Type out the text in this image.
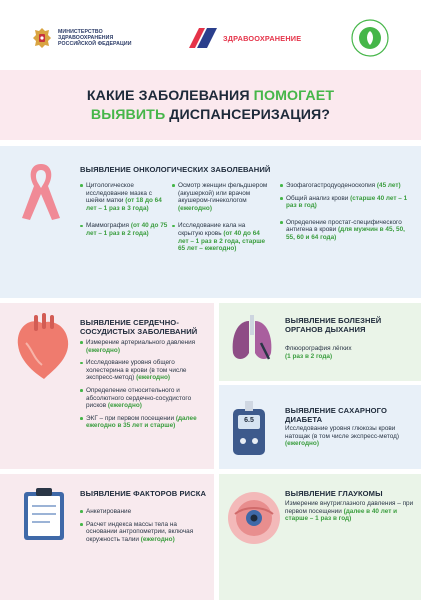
МИНИСТЕРСТВО
ЗДРАВООХРАНЕНИЯ
РОССИЙСКОЙ ФЕДЕРАЦИИ
ЗДРАВООХРАНЕНИЕ
КАКИЕ ЗАБОЛЕВАНИЯ ПОМОГАЕТ
ВЫЯВИТЬ ДИСПАНСЕРИЗАЦИЯ?
ВЫЯВЛЕНИЕ ОНКОЛОГИЧЕСКИХ ЗАБОЛЕВАНИЙ
Цитологическое исследование мазка с шейки матки (от 18 до 64 лет – 1 раз в 3 года)
Маммография (от 40 до 75 лет – 1 раз в 2 года)
Осмотр женщин фельдшером (акушеркой) или врачом акушером-гинекологом (ежегодно)
Исследование кала на скрытую кровь (от 40 до 64 лет – 1 раз в 2 года, старше 65 лет – ежегодно)
Эзофагогастродуоденоскопия (45 лет)
Общий анализ крови (старше 40 лет – 1 раз в год)
Определение простат-специфического антигена в крови (для мужчин в 45, 50, 55, 60 и 64 года)
ВЫЯВЛЕНИЕ СЕРДЕЧНО-СОСУДИСТЫХ ЗАБОЛЕВАНИЙ
Измерение артериального давления (ежегодно)
Исследование уровня общего холестерина в крови (в том числе экспресс-метод) (ежегодно)
Определение относительного и абсолютного сердечно-сосудистого рисков (ежегодно)
ЭКГ – при первом посещении (далее ежегодно в 35 лет и старше)
ВЫЯВЛЕНИЕ БОЛЕЗНЕЙ ОРГАНОВ ДЫХАНИЯ
Флюорография лёгких
(1 раз в 2 года)
6.5
ВЫЯВЛЕНИЕ САХАРНОГО ДИАБЕТА
Исследование уровня глюкозы крови натощак (в том числе экспресс-метод) (ежегодно)
ВЫЯВЛЕНИЕ ФАКТОРОВ РИСКА
Анкетирование
Расчет индекса массы тела на основании антропометрии, включая окружность талии (ежегодно)
ВЫЯВЛЕНИЕ ГЛАУКОМЫ
Измерение внутриглазного давления – при первом посещении (далее в 40 лет и старше – 1 раз в год)
